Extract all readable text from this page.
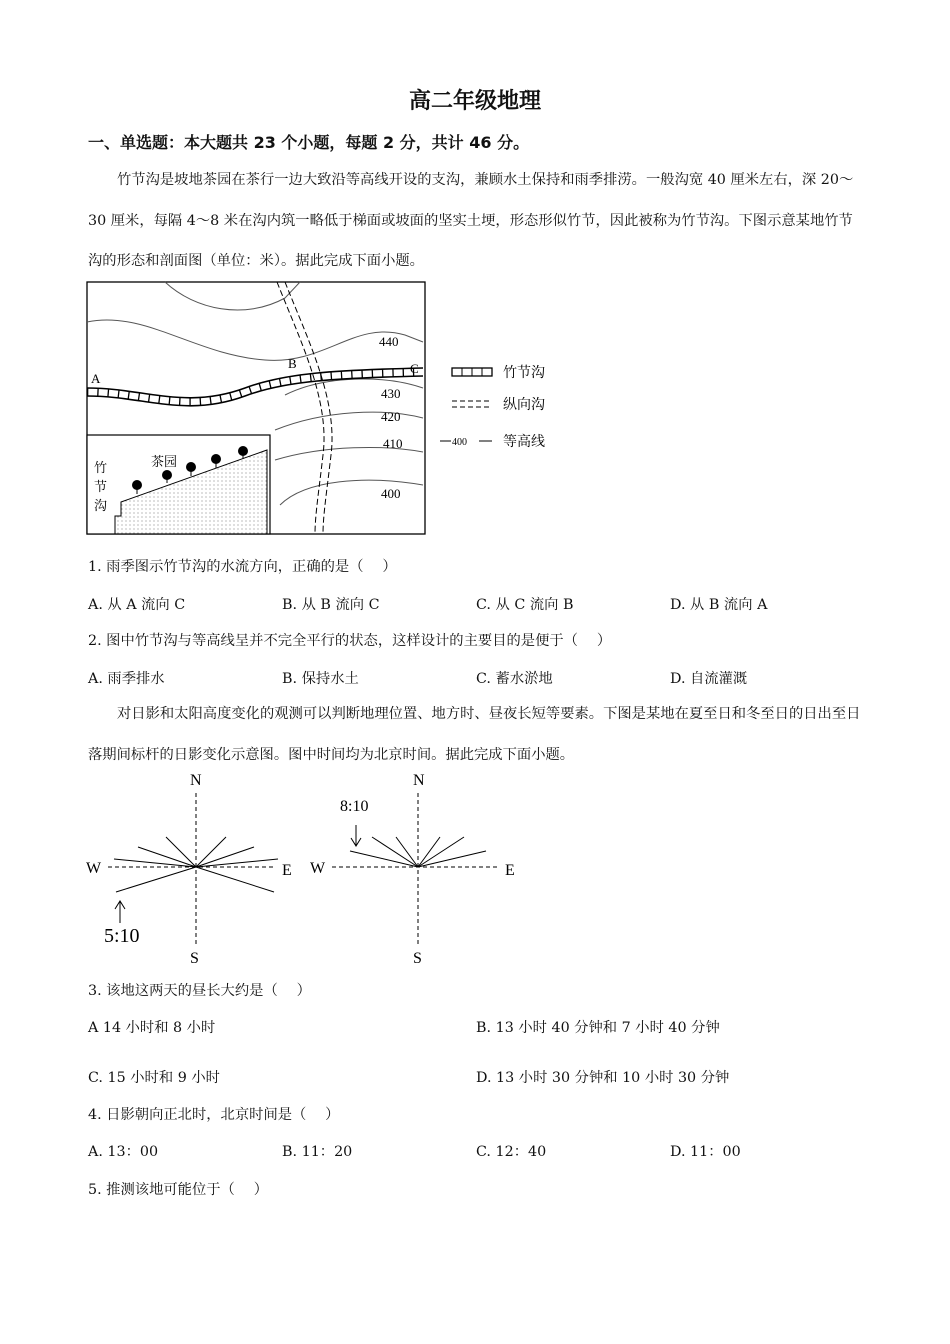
高二年级地理
一、单选题：本大题共 23 个小题，每题 2 分，共计 46 分。

竹节沟是坡地茶园在茶行一边大致沿等高线开设的支沟，兼顾水土保持和雨季排涝。一般沟宽 40 厘米左右，深 20～30 厘米，每隔 4～8 米在沟内筑一略低于梯面或坡面的坚实土埂，形态形似竹节，因此被称为竹节沟。下图示意某地竹节沟的形态和剖面图（单位：米）。据此完成下面小题。

440
430
420
410
400
A
B	C
茶园
竹
节
沟
竹节沟
纵向沟
400	等高线
1. 雨季图示竹节沟的水流方向，正确的是（　 ）
A. 从 A 流向 C	B. 从 B 流向 C	C. 从 C 流向 B	D. 从 B 流向 A
2. 图中竹节沟与等高线呈并不完全平行的状态，这样设计的主要目的是便于（　 ）
A. 雨季排水	B. 保持水土	C. 蓄水淤地	D. 自流灌溉

对日影和太阳高度变化的观测可以判断地理位置、地方时、昼夜长短等要素。下图是某地在夏至日和冬至日的日出至日落期间标杆的日影变化示意图。图中时间均为北京时间。据此完成下面小题。

N
S
W	E
5:10
N
S
W	E
8:10
3. 该地这两天的昼长大约是（　 ）
A 14 小时和 8 小时	B. 13 小时 40 分钟和 7 小时 40 分钟
C. 15 小时和 9 小时	D. 13 小时 30 分钟和 10 小时 30 分钟
4. 日影朝向正北时，北京时间是（　 ）
A. 13：00	B. 11：20	C. 12：40	D. 11：00
5. 推测该地可能位于（　 ）
